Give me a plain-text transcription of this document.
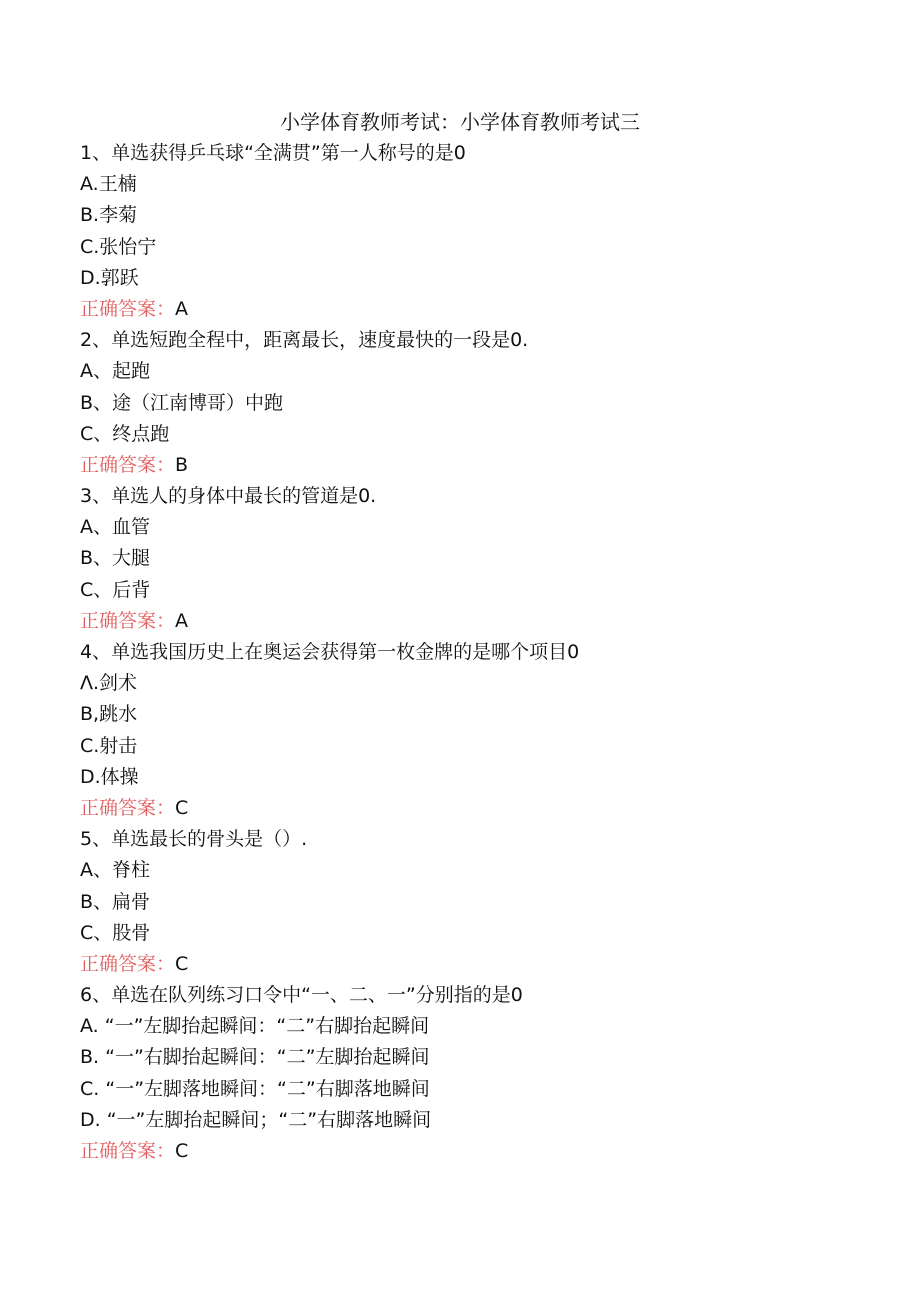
小学体育教师考试：小学体育教师考试三
1、单选获得乒乓球“全满贯”第一人称号的是0
A.王楠
B.李菊
C.张怡宁
D.郭跃
正确答案：A
2、单选短跑全程中，距离最长，速度最快的一段是0.
A、起跑
B、途（江南博哥）中跑
C、终点跑
正确答案：B
3、单选人的身体中最长的管道是0.
A、血管
B、大腿
C、后背
正确答案：A
4、单选我国历史上在奥运会获得第一枚金牌的是哪个项目0
Λ.剑术
B,跳水
C.射击
D.体操
正确答案：C
5、单选最长的骨头是（）.
A、脊柱
B、扁骨
C、股骨
正确答案：C
6、单选在队列练习口令中“一、二、一”分别指的是0
A. “一”左脚抬起瞬间：“二”右脚抬起瞬间
B. “一”右脚抬起瞬间：“二”左脚抬起瞬间
C. “一”左脚落地瞬间：“二”右脚落地瞬间
D. “一”左脚抬起瞬间；“二”右脚落地瞬间
正确答案：C
